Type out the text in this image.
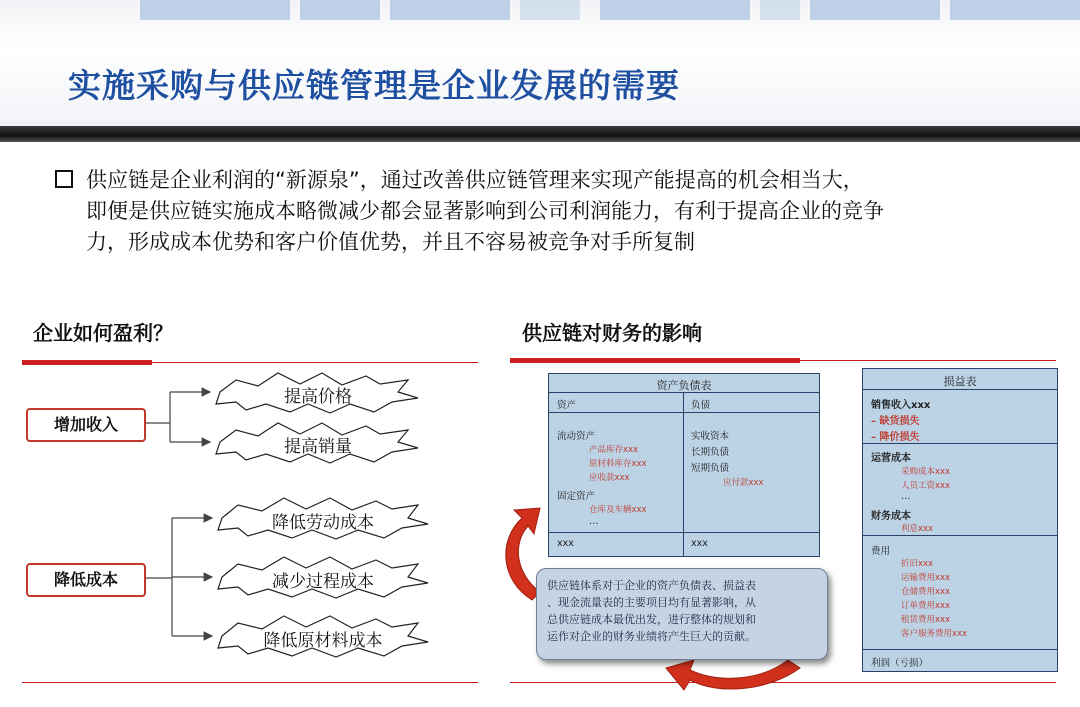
实施采购与供应链管理是企业发展的需要
供应链是企业利润的“新源泉”，通过改善供应链管理来实现产能提高的机会相当大，
即便是供应链实施成本略微减少都会显著影响到公司利润能力，有利于提高企业的竞争
力，形成成本优势和客户价值优势，并且不容易被竞争对手所复制
企业如何盈利？
增加收入
降低成本
提高价格
提高销量
降低劳动成本
减少过程成本
降低原材料成本
供应链对财务的影响
资产负债表
资产	负债
流动资产
产品库存xxx
原材料库存xxx
应收款xxx
固定资产
仓库及车辆xxx
…
实收资本
长期负债
短期负债
应付款xxx
xxx	xxx
损益表
销售收入xxx
– 缺货损失
– 降价损失
运营成本
采购成本xxx
人员工资xxx
…
财务成本
利息xxx
费用
折旧xxx
运输费用xxx
仓储费用xxx
订单费用xxx
租赁费用xxx
客户服务费用xxx
利润（亏损）
供应链体系对于企业的资产负债表、损益表
、现金流量表的主要项目均有显著影响，从
总供应链成本最优出发，进行整体的规划和
运作对企业的财务业绩将产生巨大的贡献。
